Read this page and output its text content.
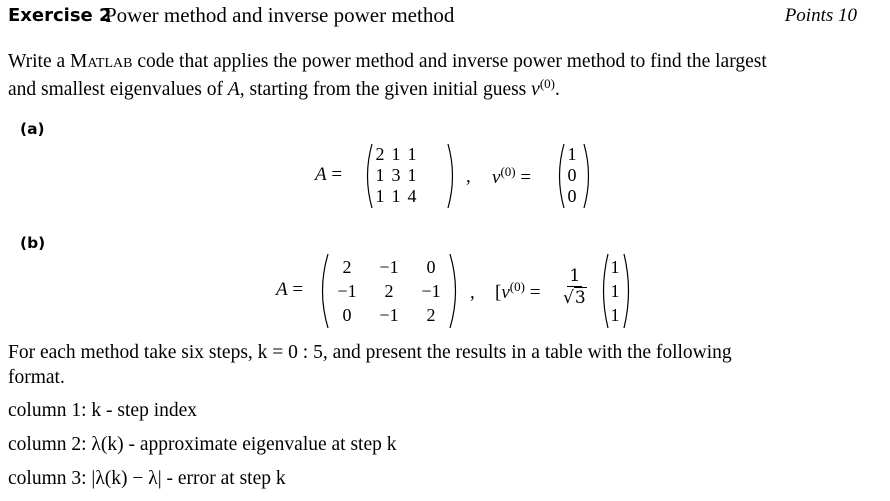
Exercise 2
Power method and inverse power method	Points 10
Write a Matlab code that applies the power method and inverse power method to find the largest
and smallest eigenvalues of A, starting from the given initial guess $v^{(0)}$.
(a)
A =
2	1	1
1	3	1
1	1	4
, $v^{(0)}$ =
1
0
0
(b)
A =
2	−1	0
−1	2	−1
0	−1	2
, [$v^{(0)} = \frac{1}{√3} 1$
1
1
For each method take six steps, k = 0 : 5, and present the results in a table with the following
format.
column 1: k - step index
column 2: λ(k) - approximate eigenvalue at step k
column 3: |λ(k) − λ| - error at step k
